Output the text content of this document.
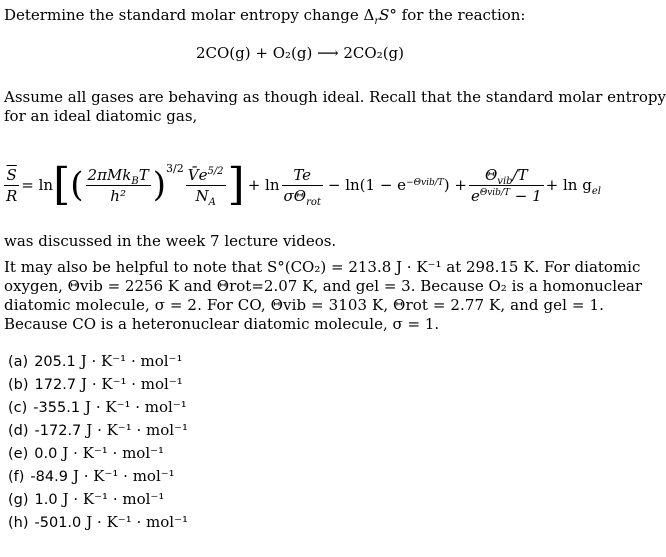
Determine the standard molar entropy change $\Delta_rS^\circ$ for the reaction:
2CO(g) + O₂(g) ⟶ 2CO₂(g)
Assume all gases are behaving as though ideal. Recall that the standard molar entropy
for an ideal diatomic gas,
$\frac{\overline{S}}{R} = \ln$ [ ( $\frac{2\pi Mk_BT}{\text{h²}} )^{3/2} \frac{V̄e^{5/2}}{N_A}$ ] + $\ln \frac{Te}{\sigma\Theta_{rot}} - \ln(1 - e^{-\Theta vib/T}$ ) + $\frac{\Theta_{vib}/T}{e^{\Theta vib/T} - 1} + \ln g_{el}$
was discussed in the week 7 lecture videos.
It may also be helpful to note that S°(CO₂) = 213.8 J · K⁻¹ at 298.15 K. For diatomic
oxygen, Θvib = 2256 K and Θrot=2.07 K, and gel = 3. Because O₂ is a homonuclear
diatomic molecule, σ = 2. For CO, Θvib = 3103 K, Θrot = 2.77 K, and gel = 1.
Because CO is a heteronuclear diatomic molecule, σ = 1.
(a) 205.1 J · K⁻¹ · mol⁻¹
(b) 172.7 J · K⁻¹ · mol⁻¹
(c) -355.1 J · K⁻¹ · mol⁻¹
(d) -172.7 J · K⁻¹ · mol⁻¹
(e) 0.0 J · K⁻¹ · mol⁻¹
(f) -84.9 J · K⁻¹ · mol⁻¹
(g) 1.0 J · K⁻¹ · mol⁻¹
(h) -501.0 J · K⁻¹ · mol⁻¹
